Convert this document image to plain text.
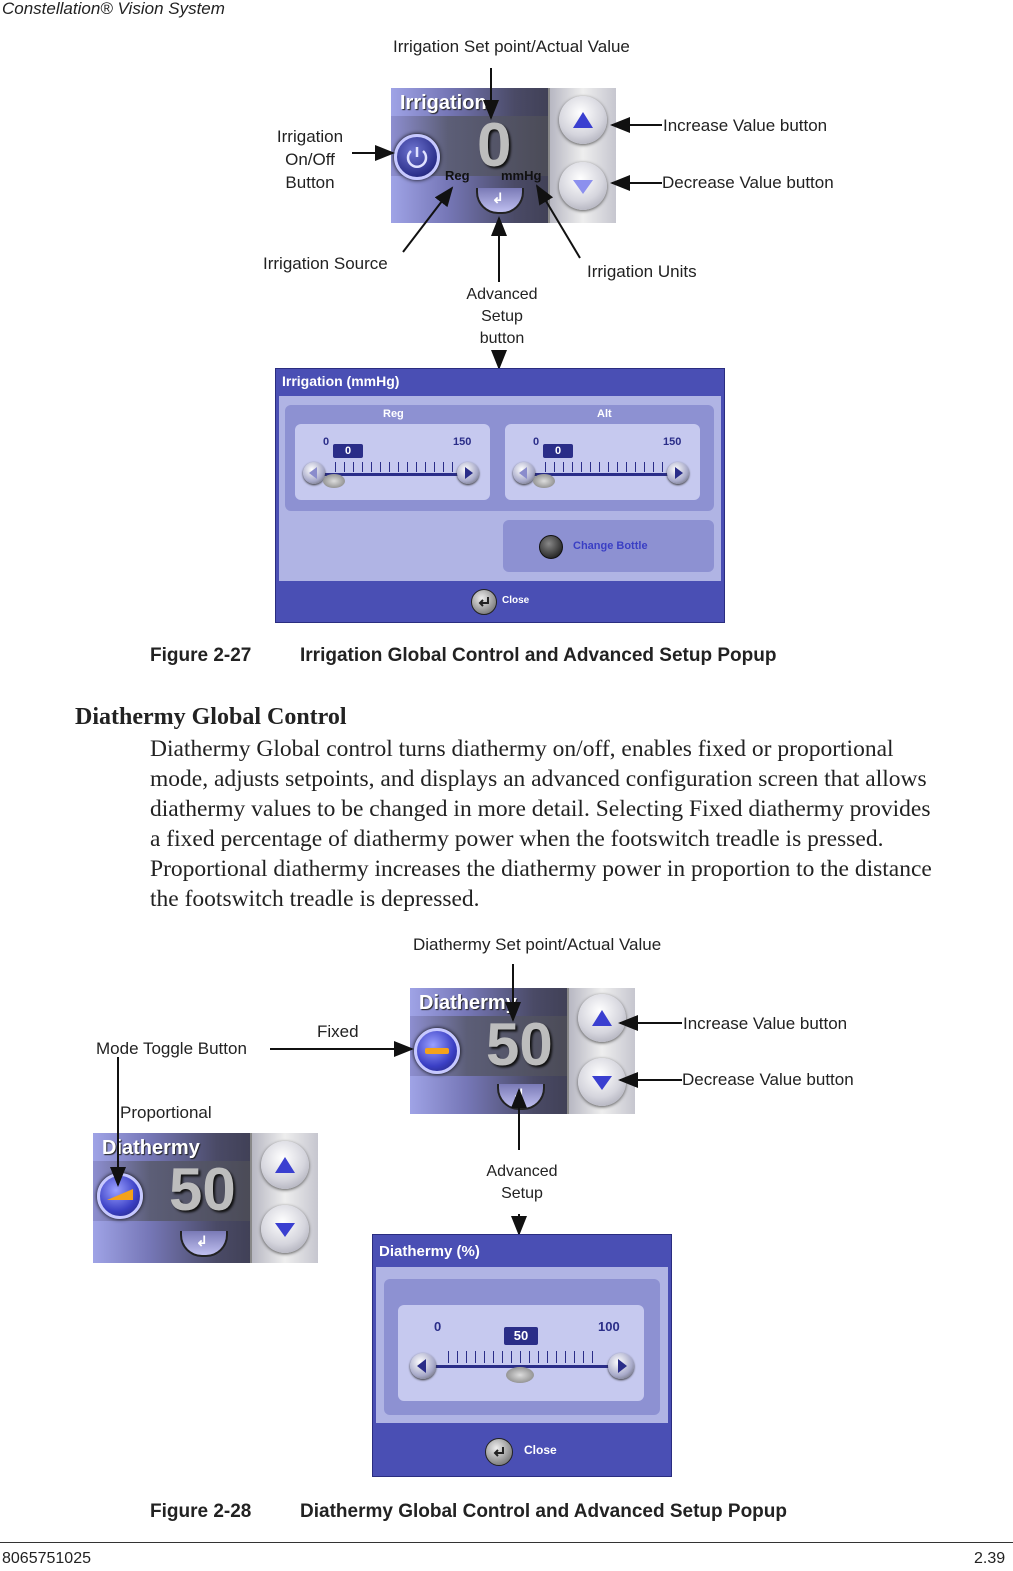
Constellation® Vision System
Irrigation Set point/Actual Value
Irrigation
On/Off
Button
Increase Value button
Decrease Value button
Irrigation Source	Irrigation Units
Advanced
Setup
button
Irrigation
0
Reg mmHg
↲
Irrigation (mmHg)
Reg
0	150
0
Alt
0	150
0
Change Bottle
Close
Figure 2-27	Irrigation Global Control and Advanced Setup Popup
Diathermy Global Control
Diathermy Global control turns diathermy on/off, enables fixed or proportional
mode, adjusts setpoints, and displays an advanced configuration screen that allows
diathermy values to be changed in more detail. Selecting Fixed diathermy provides
a fixed percentage of diathermy power when the footswitch treadle is pressed.
Proportional diathermy increases the diathermy power in proportion to the distance
the footswitch treadle is depressed.
Diathermy Set point/Actual Value
Fixed
Mode Toggle Button
Proportional
Increase Value button
Decrease Value button
Advanced
Setup
Diathermy
50
↲
Diathermy
50
↲
Diathermy (%)
0	100
50
Close
Figure 2-28	Diathermy Global Control and Advanced Setup Popup
8065751025	2.39
